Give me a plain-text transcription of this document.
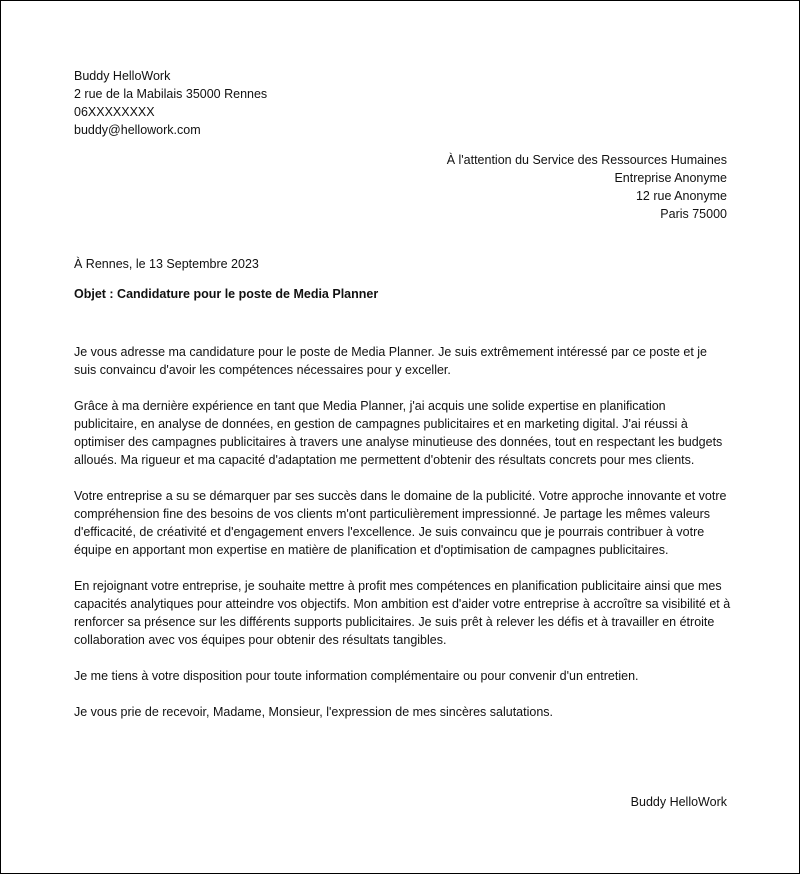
Buddy HelloWork
2 rue de la Mabilais 35000 Rennes
06XXXXXXXX
buddy@hellowork.com
À l'attention du Service des Ressources Humaines
Entreprise Anonyme
12 rue Anonyme
Paris 75000
À Rennes, le 13 Septembre 2023
Objet : Candidature pour le poste de Media Planner

Je vous adresse ma candidature pour le poste de Media Planner. Je suis extrêmement intéressé par ce poste et je suis convaincu d'avoir les compétences nécessaires pour y exceller.

Grâce à ma dernière expérience en tant que Media Planner, j'ai acquis une solide expertise en planification publicitaire, en analyse de données, en gestion de campagnes publicitaires et en marketing digital. J'ai réussi à optimiser des campagnes publicitaires à travers une analyse minutieuse des données, tout en respectant les budgets alloués. Ma rigueur et ma capacité d'adaptation me permettent d'obtenir des résultats concrets pour mes clients.

Votre entreprise a su se démarquer par ses succès dans le domaine de la publicité. Votre approche innovante et votre compréhension fine des besoins de vos clients m'ont particulièrement impressionné. Je partage les mêmes valeurs d'efficacité, de créativité et d'engagement envers l'excellence. Je suis convaincu que je pourrais contribuer à votre équipe en apportant mon expertise en matière de planification et d'optimisation de campagnes publicitaires.

En rejoignant votre entreprise, je souhaite mettre à profit mes compétences en planification publicitaire ainsi que mes capacités analytiques pour atteindre vos objectifs. Mon ambition est d'aider votre entreprise à accroître sa visibilité et à renforcer sa présence sur les différents supports publicitaires. Je suis prêt à relever les défis et à travailler en étroite collaboration avec vos équipes pour obtenir des résultats tangibles.

Je me tiens à votre disposition pour toute information complémentaire ou pour convenir d'un entretien.

Je vous prie de recevoir, Madame, Monsieur, l'expression de mes sincères salutations.

Buddy HelloWork
